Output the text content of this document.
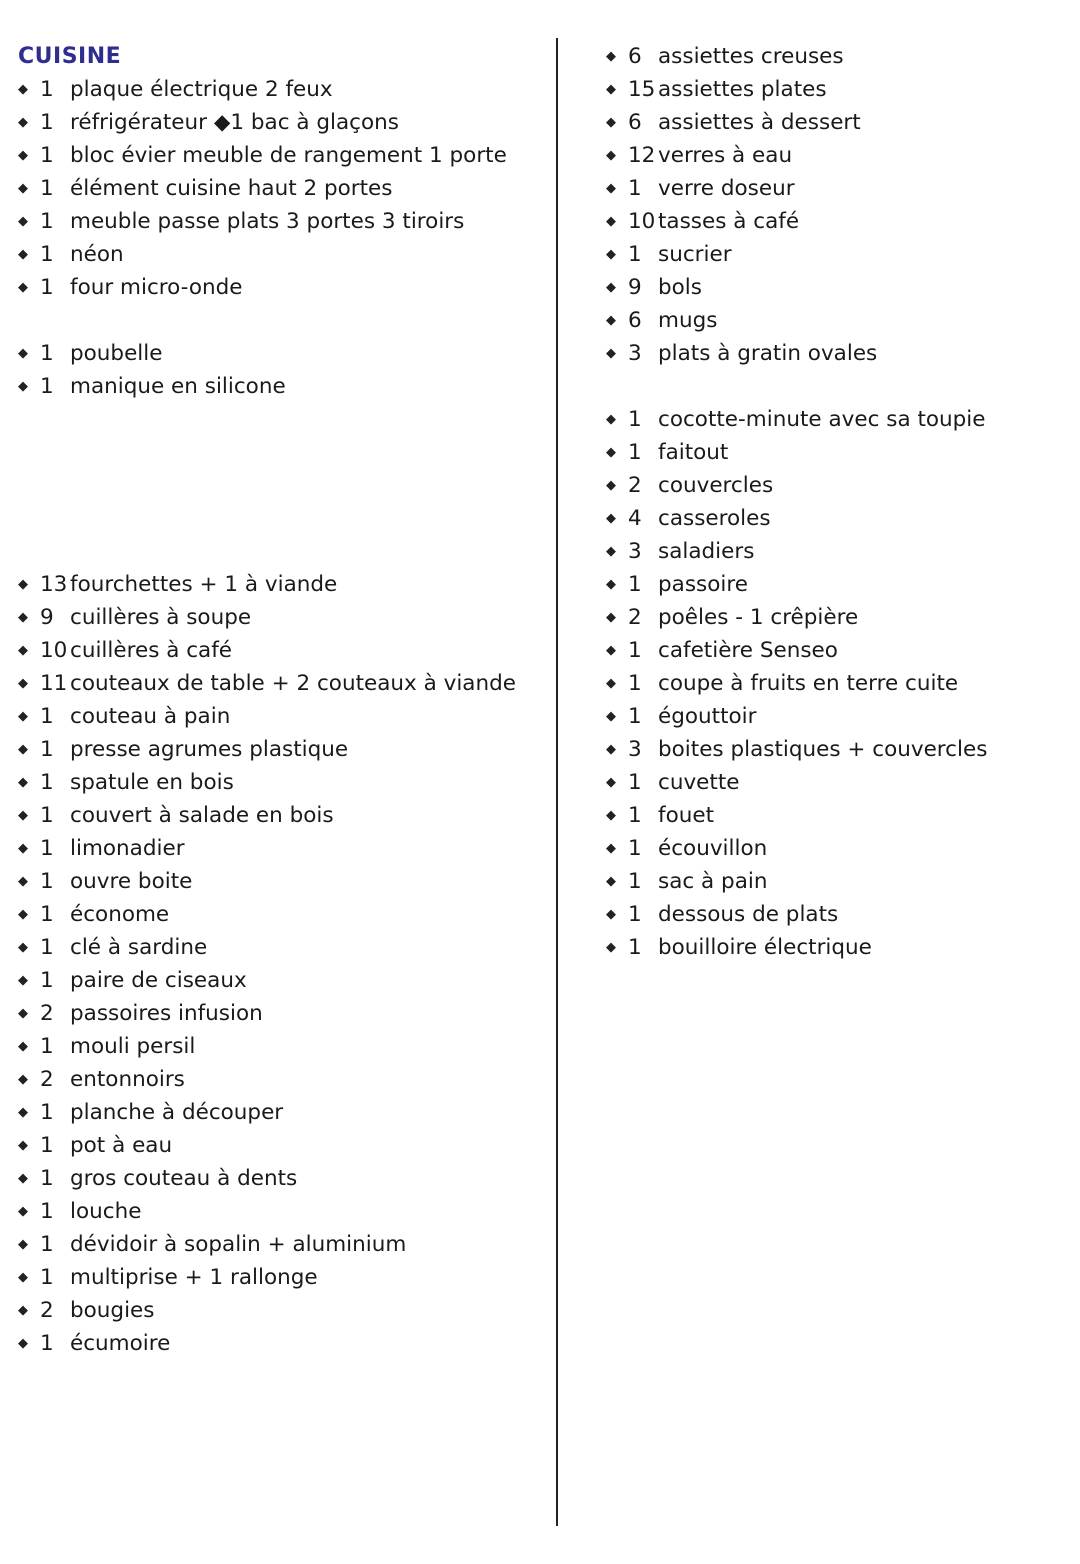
CUISINE
◆ 1 plaque électrique 2 feux
◆ 1 réfrigérateur ◆1 bac à glaçons
◆ 1 bloc évier meuble de rangement 1 porte
◆ 1 élément cuisine haut 2 portes
◆ 1 meuble passe plats 3 portes 3 tiroirs
◆ 1 néon
◆ 1 four micro-onde
◆ 1 poubelle
◆ 1 manique en silicone
◆ 13 fourchettes + 1 à viande
◆ 9 cuillères à soupe
◆ 10 cuillères à café
◆ 11 couteaux de table + 2 couteaux à viande
◆ 1 couteau à pain
◆ 1 presse agrumes plastique
◆ 1 spatule en bois
◆ 1 couvert à salade en bois
◆ 1 limonadier
◆ 1 ouvre boite
◆ 1 économe
◆ 1 clé à sardine
◆ 1 paire de ciseaux
◆ 2 passoires infusion
◆ 1 mouli persil
◆ 2 entonnoirs
◆ 1 planche à découper
◆ 1 pot à eau
◆ 1 gros couteau à dents
◆ 1 louche
◆ 1 dévidoir à sopalin + aluminium
◆ 1 multiprise + 1 rallonge
◆ 2 bougies
◆ 1 écumoire
◆ 6 assiettes creuses
◆ 15 assiettes plates
◆ 6 assiettes à dessert
◆ 12 verres à eau
◆ 1 verre doseur
◆ 10 tasses à café
◆ 1 sucrier
◆ 9 bols
◆ 6 mugs
◆ 3 plats à gratin ovales
◆ 1 cocotte-minute avec sa toupie
◆ 1 faitout
◆ 2 couvercles
◆ 4 casseroles
◆ 3 saladiers
◆ 1 passoire
◆ 2 poêles - 1 crêpière
◆ 1 cafetière Senseo
◆ 1 coupe à fruits en terre cuite
◆ 1 égouttoir
◆ 3 boites plastiques + couvercles
◆ 1 cuvette
◆ 1 fouet
◆ 1 écouvillon
◆ 1 sac à pain
◆ 1 dessous de plats
◆ 1 bouilloire électrique
